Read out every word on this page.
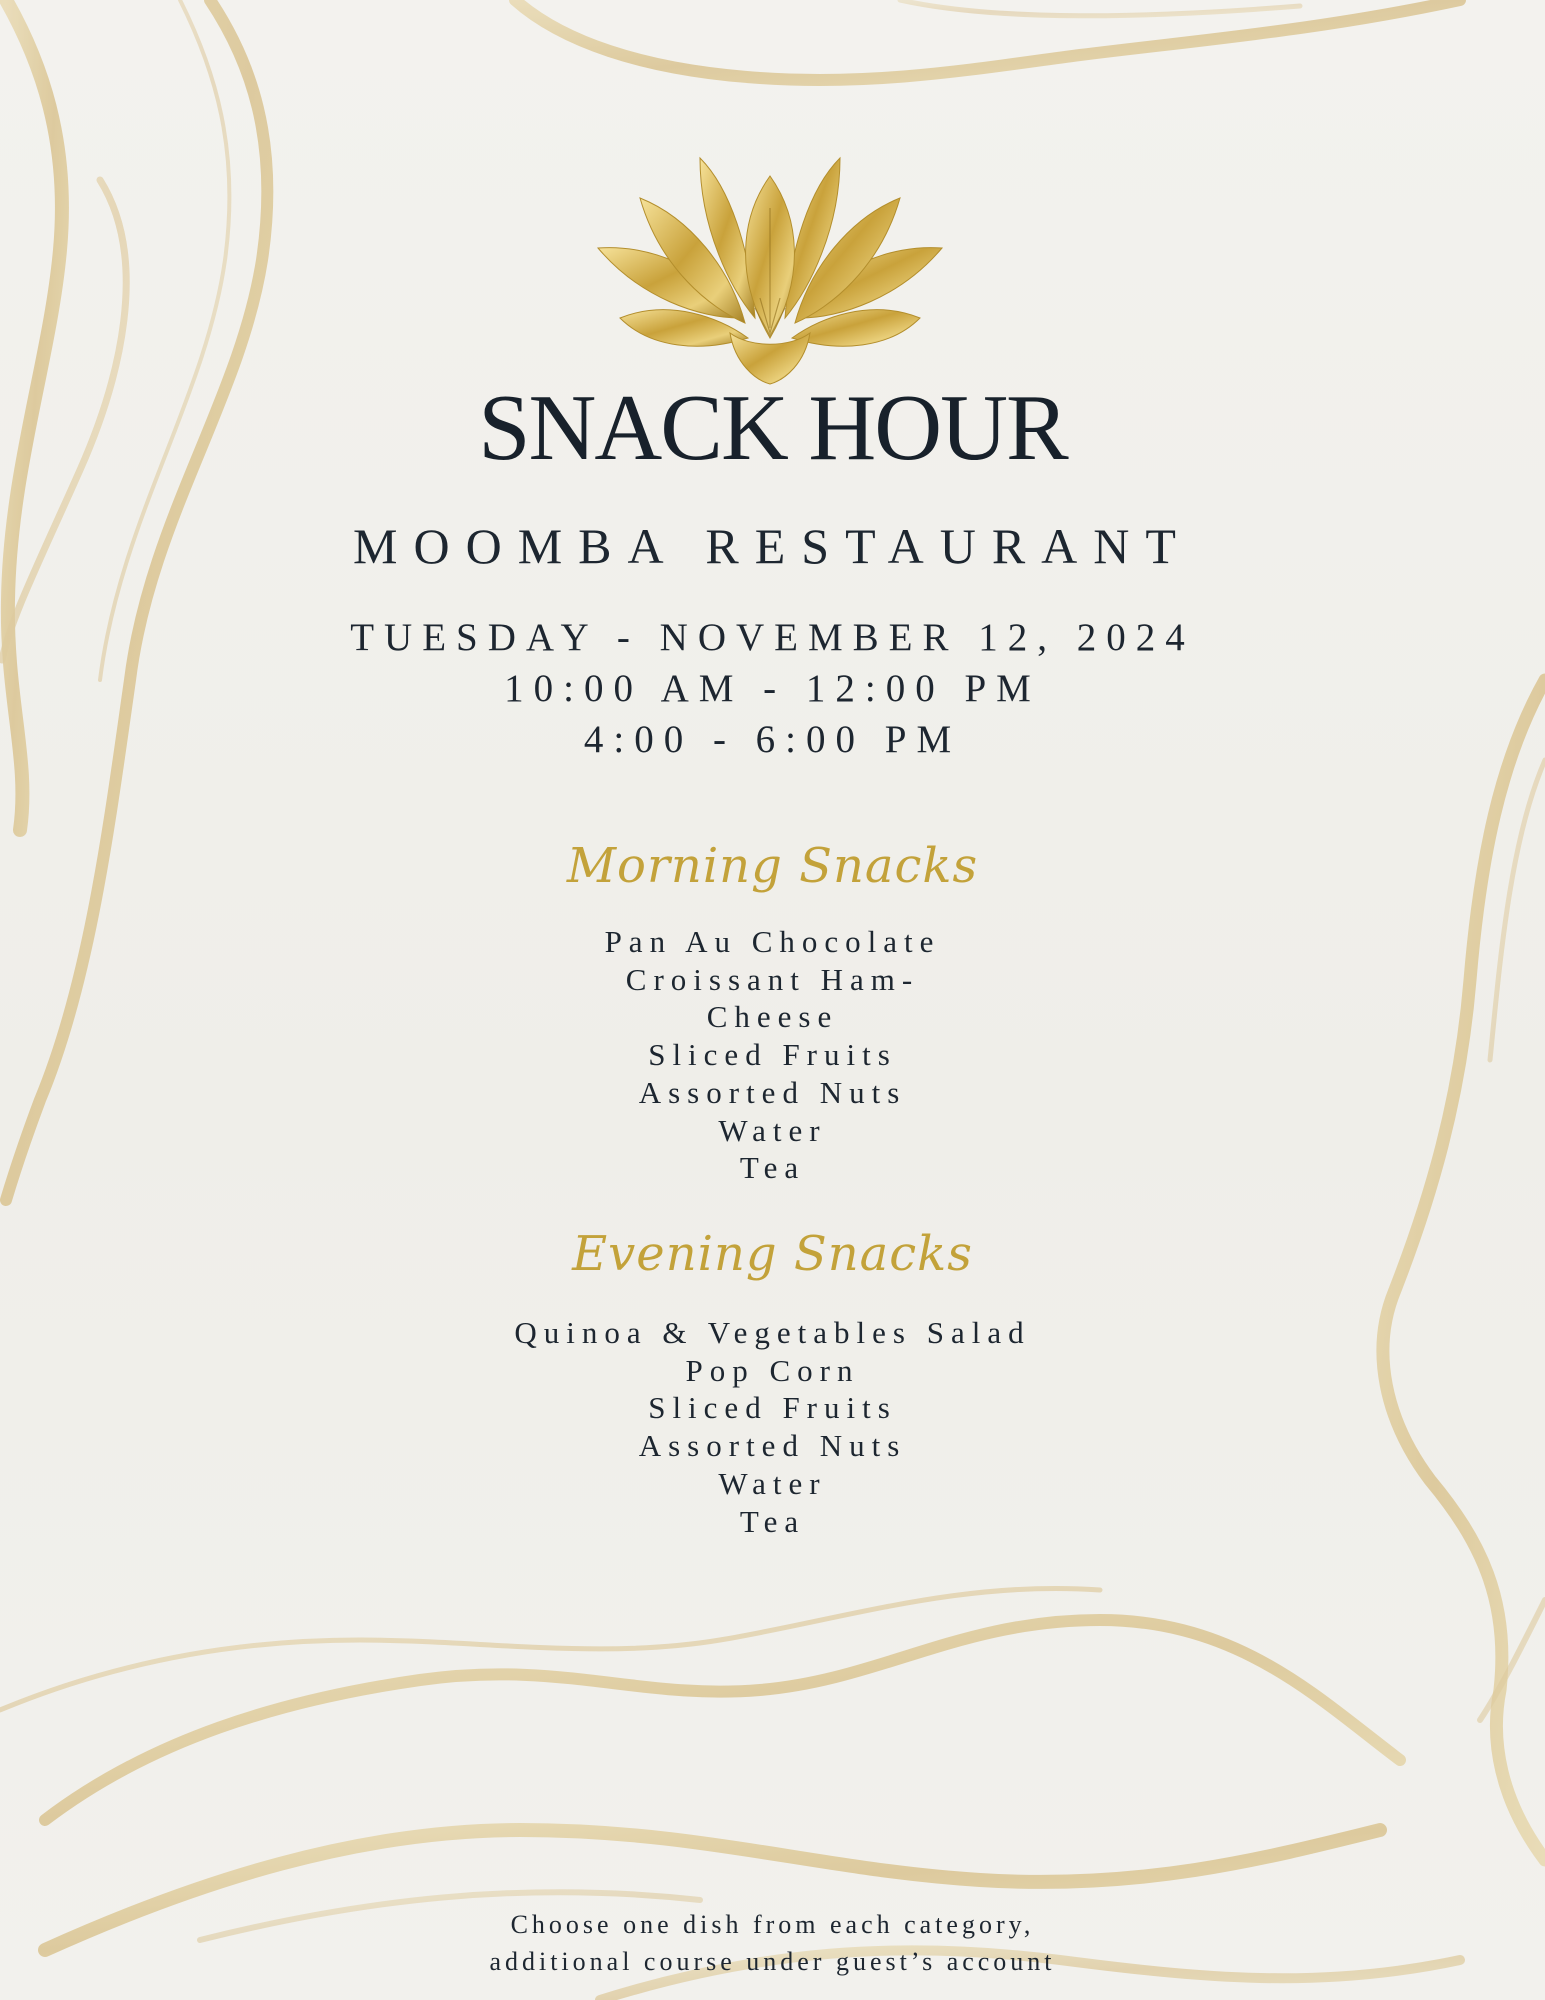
SNACK HOUR
MOOMBA RESTAURANT
TUESDAY - NOVEMBER 12, 2024
10:00 AM - 12:00 PM
4:00 - 6:00 PM
Morning Snacks
Pan Au Chocolate
Croissant Ham-
Cheese
Sliced Fruits
Assorted Nuts
Water
Tea
Evening Snacks
Quinoa & Vegetables Salad
Pop Corn
Sliced Fruits
Assorted Nuts
Water
Tea
Choose one dish from each category,
additional course under guest’s account
